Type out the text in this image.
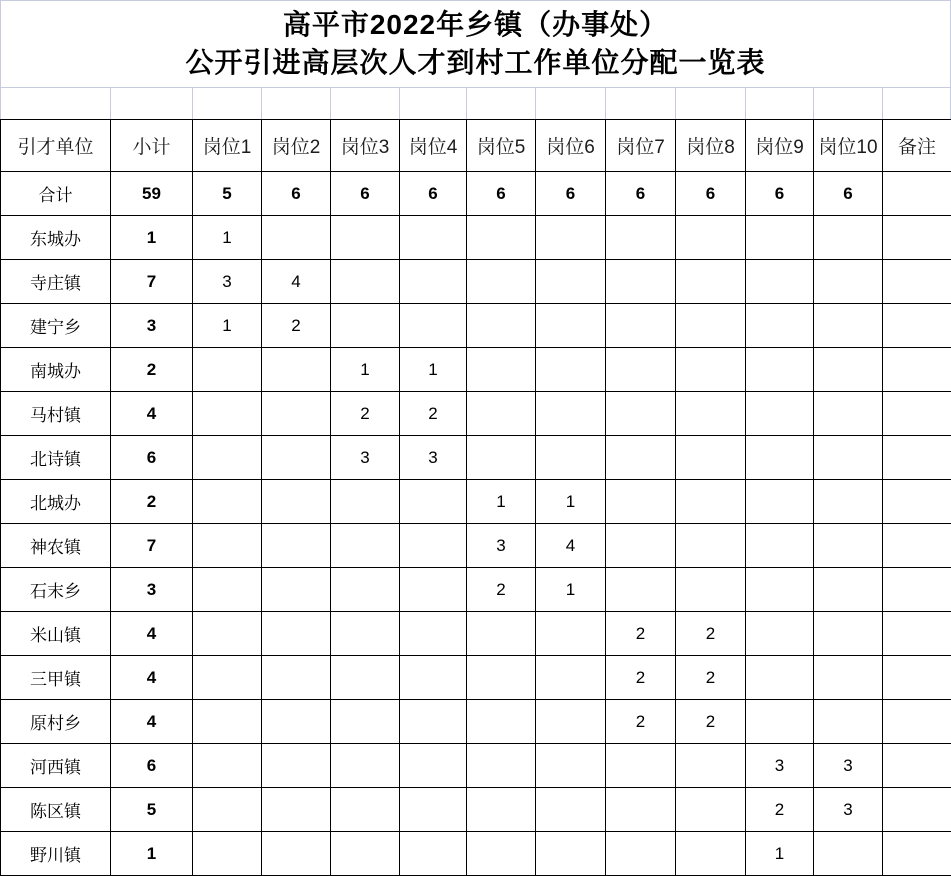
高平市2022年乡镇（办事处）
公开引进高层次人才到村工作单位分配一览表
引才单位	小计	岗位1	岗位2	岗位3	岗位4	岗位5	岗位6	岗位7	岗位8	岗位9	岗位10	备注
合计	59	5	6	6	6	6	6	6	6	6	6	
东城办	1	1										
寺庄镇	7	3	4									
建宁乡	3	1	2									
南城办	2			1	1							
马村镇	4			2	2							
北诗镇	6			3	3							
北城办	2					1	1					
神农镇	7					3	4					
石末乡	3					2	1					
米山镇	4							2	2			
三甲镇	4							2	2			
原村乡	4							2	2			
河西镇	6									3	3	
陈区镇	5									2	3	
野川镇	1									1		
